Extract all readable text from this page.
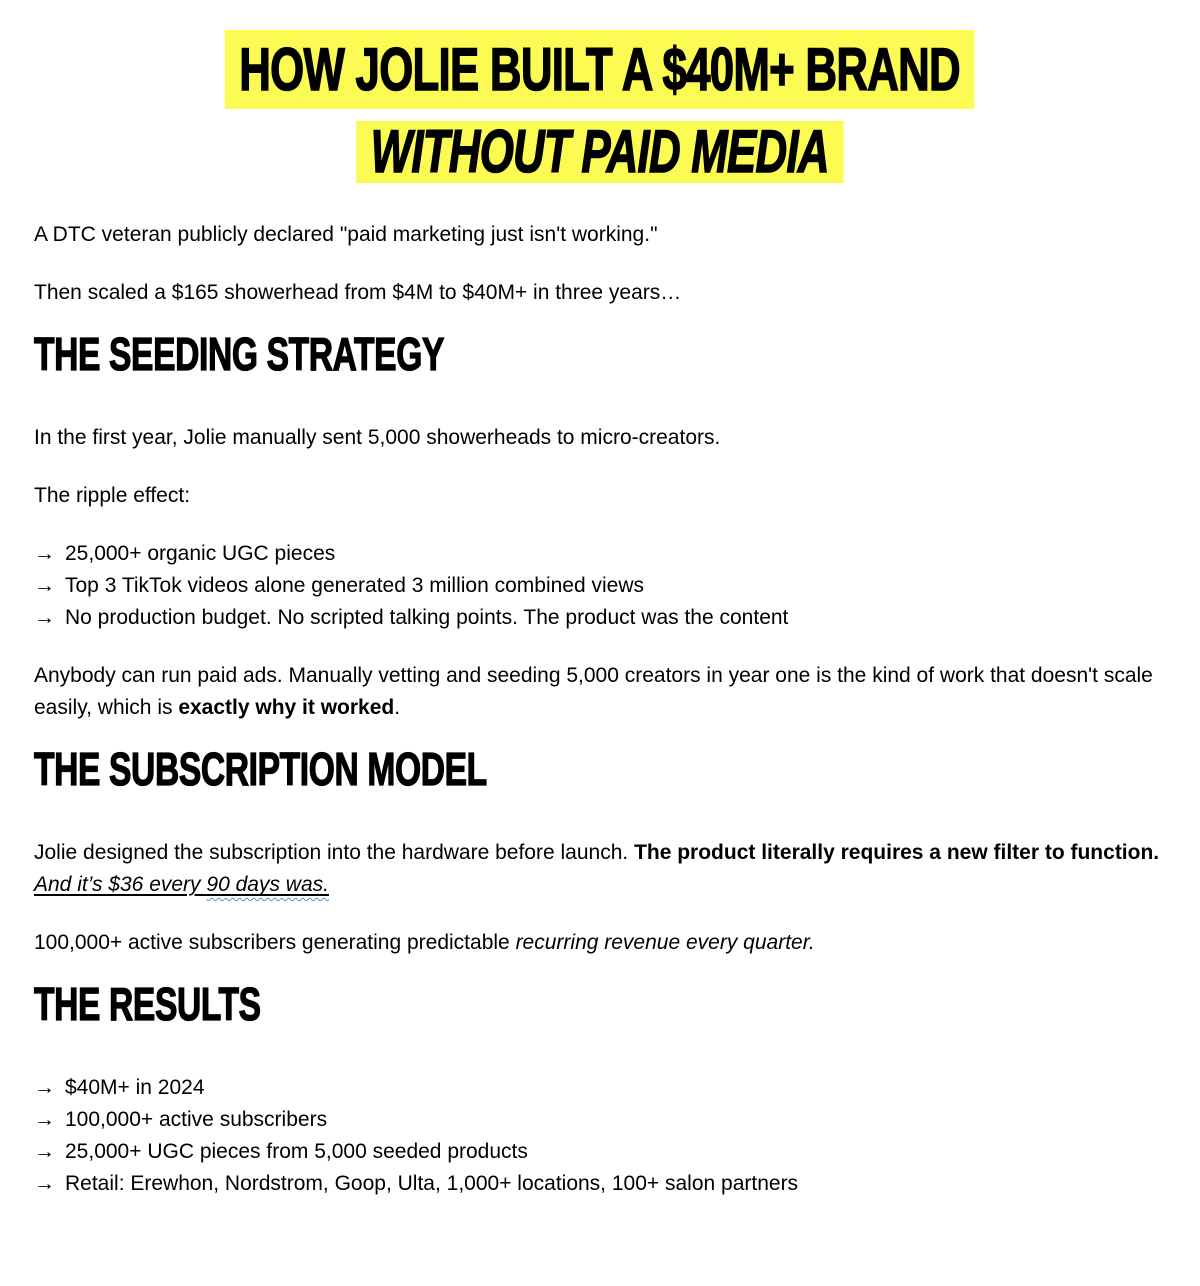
HOW JOLIE BUILT A $40M+ BRAND
WITHOUT PAID MEDIA

A DTC veteran publicly declared "paid marketing just isn't working."

Then scaled a $165 showerhead from $4M to $40M+ in three years…

THE SEEDING STRATEGY

In the first year, Jolie manually sent 5,000 showerheads to micro-creators.

The ripple effect:

→ 25,000+ organic UGC pieces
→ Top 3 TikTok videos alone generated 3 million combined views
→ No production budget. No scripted talking points. The product was the content

Anybody can run paid ads. Manually vetting and seeding 5,000 creators in year one is the kind of work that doesn't scale easily, which is exactly why it worked.

THE SUBSCRIPTION MODEL

Jolie designed the subscription into the hardware before launch. The product literally requires a new filter to function. And it’s $36 every 90 days was.

100,000+ active subscribers generating predictable recurring revenue every quarter.

THE RESULTS
→ $40M+ in 2024
→ 100,000+ active subscribers
→ 25,000+ UGC pieces from 5,000 seeded products
→ Retail: Erewhon, Nordstrom, Goop, Ulta, 1,000+ locations, 100+ salon partners
